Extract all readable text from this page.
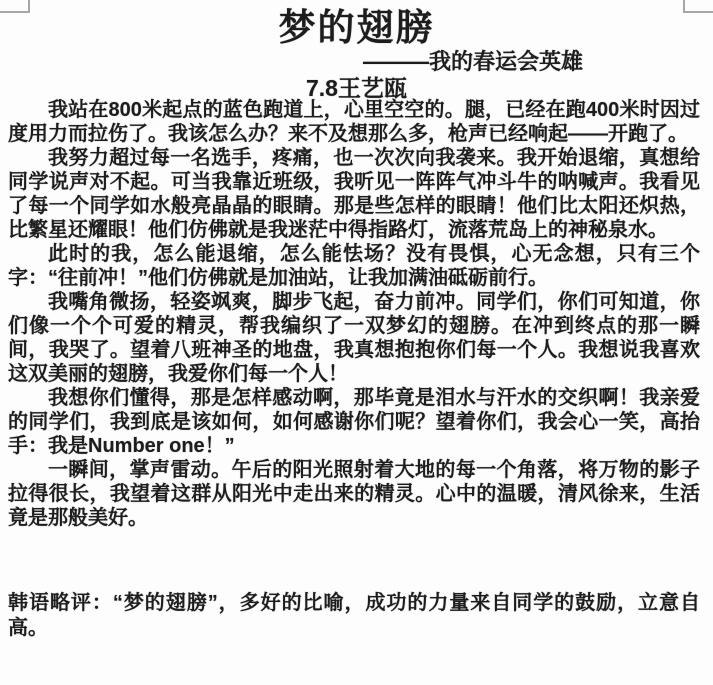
梦的翅膀
———我的春运会英雄
7.8王艺瓯

我站在800米起点的蓝色跑道上，心里空空的。腿，已经在跑400米时因过度用力而拉伤了。我该怎么办？来不及想那么多，枪声已经响起——开跑了。

我努力超过每一名选手，疼痛，也一次次向我袭来。我开始退缩，真想给同学说声对不起。可当我靠近班级，我听见一阵阵气冲斗牛的呐喊声。我看见了每一个同学如水般亮晶晶的眼睛。那是些怎样的眼睛！他们比太阳还炽热，比繁星还耀眼！他们仿佛就是我迷茫中得指路灯，流落荒岛上的神秘泉水。

此时的我，怎么能退缩，怎么能怯场？没有畏惧，心无念想，只有三个字：“往前冲！”他们仿佛就是加油站，让我加满油砥砺前行。

我嘴角微扬，轻姿飒爽，脚步飞起，奋力前冲。同学们，你们可知道，你们像一个个可爱的精灵，帮我编织了一双梦幻的翅膀。在冲到终点的那一瞬间，我哭了。望着八班神圣的地盘，我真想抱抱你们每一个人。我想说我喜欢这双美丽的翅膀，我爱你们每一个人！

我想你们懂得，那是怎样感动啊，那毕竟是泪水与汗水的交织啊！我亲爱的同学们，我到底是该如何，如何感谢你们呢？望着你们，我会心一笑，高抬手：我是Number one！”

一瞬间，掌声雷动。午后的阳光照射着大地的每一个角落，将万物的影子拉得很长，我望着这群从阳光中走出来的精灵。心中的温暖，清风徐来，生活竟是那般美好。

韩语略评：“梦的翅膀”，多好的比喻，成功的力量来自同学的鼓励，立意自高。
